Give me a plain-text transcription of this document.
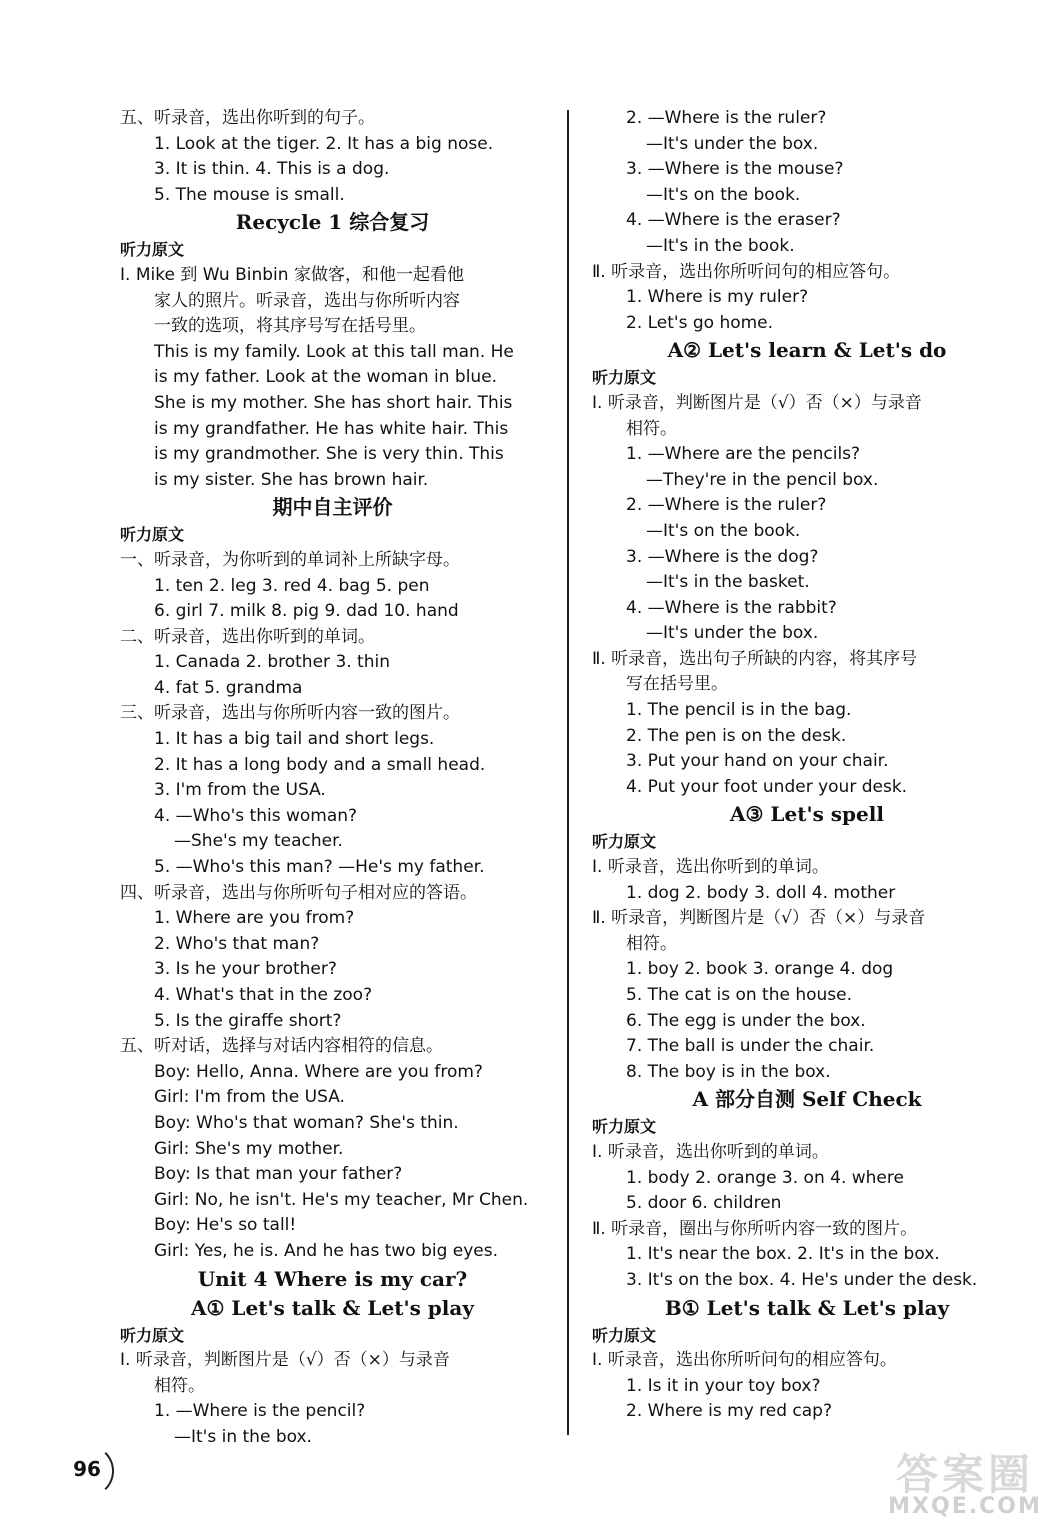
五、听录音，选出你听到的句子。
1. Look at the tiger. 2. It has a big nose.
3. It is thin. 4. This is a dog.
5. The mouse is small.
Recycle 1 综合复习
听力原文
Ⅰ. Mike 到 Wu Binbin 家做客，和他一起看他
家人的照片。听录音，选出与你所听内容
一致的选项，将其序号写在括号里。
This is my family. Look at this tall man. He
is my father. Look at the woman in blue.
She is my mother. She has short hair. This
is my grandfather. He has white hair. This
is my grandmother. She is very thin. This
is my sister. She has brown hair.
期中自主评价
听力原文
一、听录音，为你听到的单词补上所缺字母。
1. ten 2. leg 3. red 4. bag 5. pen
6. girl 7. milk 8. pig 9. dad 10. hand
二、听录音，选出你听到的单词。
1. Canada 2. brother 3. thin
4. fat 5. grandma
三、听录音，选出与你所听内容一致的图片。
1. It has a big tail and short legs.
2. It has a long body and a small head.
3. I'm from the USA.
4. —Who's this woman?
—She's my teacher.
5. —Who's this man? —He's my father.
四、听录音，选出与你所听句子相对应的答语。
1. Where are you from?
2. Who's that man?
3. Is he your brother?
4. What's that in the zoo?
5. Is the giraffe short?
五、听对话，选择与对话内容相符的信息。
Boy: Hello, Anna. Where are you from?
Girl: I'm from the USA.
Boy: Who's that woman? She's thin.
Girl: She's my mother.
Boy: Is that man your father?
Girl: No, he isn't. He's my teacher, Mr Chen.
Boy: He's so tall!
Girl: Yes, he is. And he has two big eyes.
Unit 4 Where is my car?
A① Let's talk & Let's play
听力原文
Ⅰ. 听录音，判断图片是（√）否（×）与录音
相符。
1. —Where is the pencil?
—It's in the box.
2. —Where is the ruler?
—It's under the box.
3. —Where is the mouse?
—It's on the book.
4. —Where is the eraser?
—It's in the book.
Ⅱ. 听录音，选出你所听问句的相应答句。
1. Where is my ruler?
2. Let's go home.
A② Let's learn & Let's do
听力原文
Ⅰ. 听录音，判断图片是（√）否（×）与录音
相符。
1. —Where are the pencils?
—They're in the pencil box.
2. —Where is the ruler?
—It's on the book.
3. —Where is the dog?
—It's in the basket.
4. —Where is the rabbit?
—It's under the box.
Ⅱ. 听录音，选出句子所缺的内容，将其序号
写在括号里。
1. The pencil is in the bag.
2. The pen is on the desk.
3. Put your hand on your chair.
4. Put your foot under your desk.
A③ Let's spell
听力原文
Ⅰ. 听录音，选出你听到的单词。
1. dog 2. body 3. doll 4. mother
Ⅱ. 听录音，判断图片是（√）否（×）与录音
相符。
1. boy 2. book 3. orange 4. dog
5. The cat is on the house.
6. The egg is under the box.
7. The ball is under the chair.
8. The boy is in the box.
A 部分自测 Self Check
听力原文
Ⅰ. 听录音，选出你听到的单词。
1. body 2. orange 3. on 4. where
5. door 6. children
Ⅱ. 听录音，圈出与你所听内容一致的图片。
1. It's near the box. 2. It's in the box.
3. It's on the box. 4. He's under the desk.
B① Let's talk & Let's play
听力原文
Ⅰ. 听录音，选出你所听问句的相应答句。
1. Is it in your toy box?
2. Where is my red cap?
96	答案圈
MXQE.COM
